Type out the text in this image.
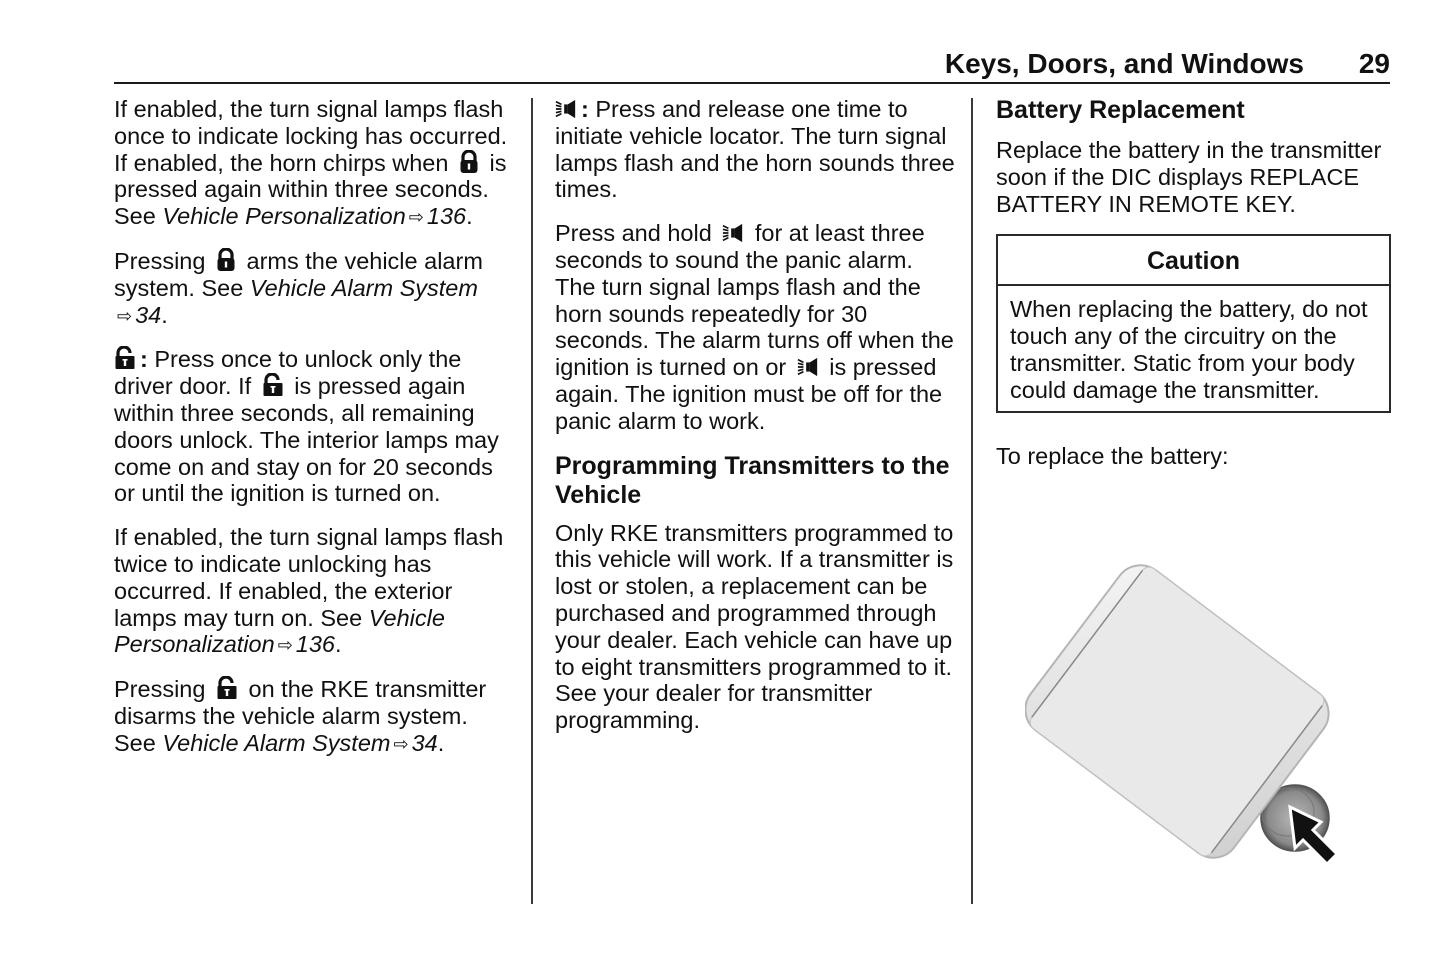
Keys, Doors, and Windows 29

If enabled, the turn signal lamps flash once to indicate locking has occurred. If enabled, the horn chirps when is pressed again within three seconds. See Vehicle Personalization ⇨ 136.

Pressing arms the vehicle alarm system. See Vehicle Alarm System ⇨ 34.

: Press once to unlock only the driver door. If is pressed again within three seconds, all remaining doors unlock. The interior lamps may come on and stay on for 20 seconds or until the ignition is turned on.

If enabled, the turn signal lamps flash twice to indicate unlocking has occurred. If enabled, the exterior lamps may turn on. See Vehicle Personalization ⇨ 136.

Pressing on the RKE transmitter disarms the vehicle alarm system. See Vehicle Alarm System ⇨ 34.

: Press and release one time to initiate vehicle locator. The turn signal lamps flash and the horn sounds three times.

Press and hold for at least three seconds to sound the panic alarm. The turn signal lamps flash and the horn sounds repeatedly for 30 seconds. The alarm turns off when the ignition is turned on or is pressed again. The ignition must be off for the panic alarm to work.

Programming Transmitters to the Vehicle

Only RKE transmitters programmed to this vehicle will work. If a transmitter is lost or stolen, a replacement can be purchased and programmed through your dealer. Each vehicle can have up to eight transmitters programmed to it. See your dealer for transmitter programming.

Battery Replacement

Replace the battery in the transmitter soon if the DIC displays REPLACE BATTERY IN REMOTE KEY.

Caution
When replacing the battery, do not touch any of the circuitry on the transmitter. Static from your body could damage the transmitter.

To replace the battery:
